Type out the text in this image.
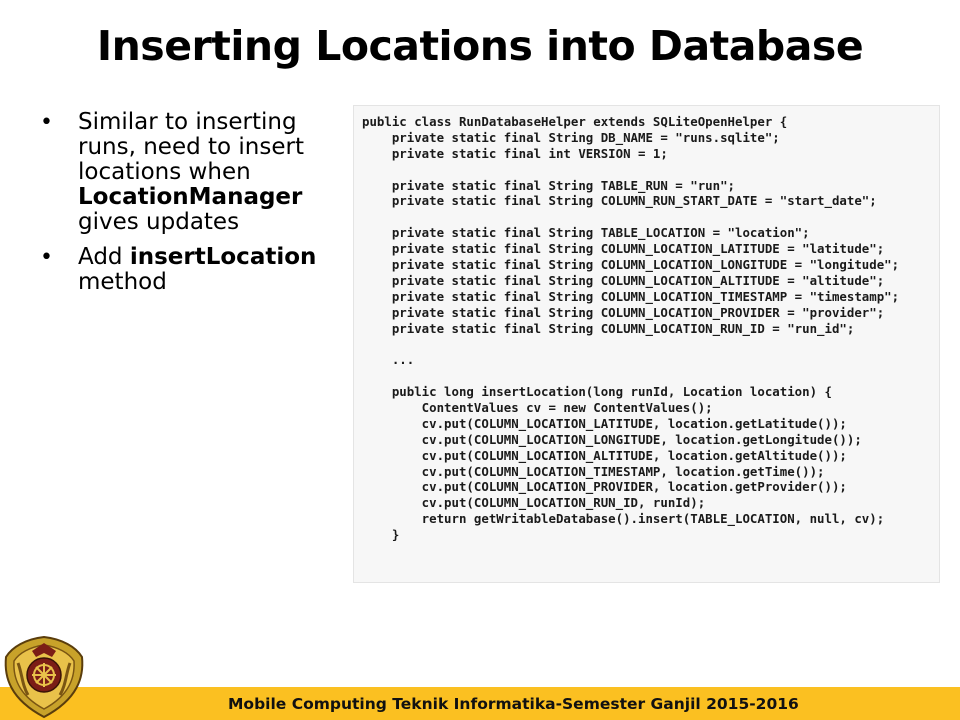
Inserting Locations into Database
• Similar to inserting runs, need to insert locations when LocationManager gives updates
• Add insertLocation method
public class RunDatabaseHelper extends SQLiteOpenHelper {
private static final String DB_NAME = "runs.sqlite";
private static final int VERSION = 1;
private static final String TABLE_RUN = "run";
private static final String COLUMN_RUN_START_DATE = "start_date";
private static final String TABLE_LOCATION = "location";
private static final String COLUMN_LOCATION_LATITUDE = "latitude";
private static final String COLUMN_LOCATION_LONGITUDE = "longitude";
private static final String COLUMN_LOCATION_ALTITUDE = "altitude";
private static final String COLUMN_LOCATION_TIMESTAMP = "timestamp";
private static final String COLUMN_LOCATION_PROVIDER = "provider";
private static final String COLUMN_LOCATION_RUN_ID = "run_id";
...
public long insertLocation(long runId, Location location) {
ContentValues cv = new ContentValues();
cv.put(COLUMN_LOCATION_LATITUDE, location.getLatitude());
cv.put(COLUMN_LOCATION_LONGITUDE, location.getLongitude());
cv.put(COLUMN_LOCATION_ALTITUDE, location.getAltitude());
cv.put(COLUMN_LOCATION_TIMESTAMP, location.getTime());
cv.put(COLUMN_LOCATION_PROVIDER, location.getProvider());
cv.put(COLUMN_LOCATION_RUN_ID, runId);
return getWritableDatabase().insert(TABLE_LOCATION, null, cv);
}
Mobile Computing Teknik Informatika-Semester Ganjil 2015-2016
